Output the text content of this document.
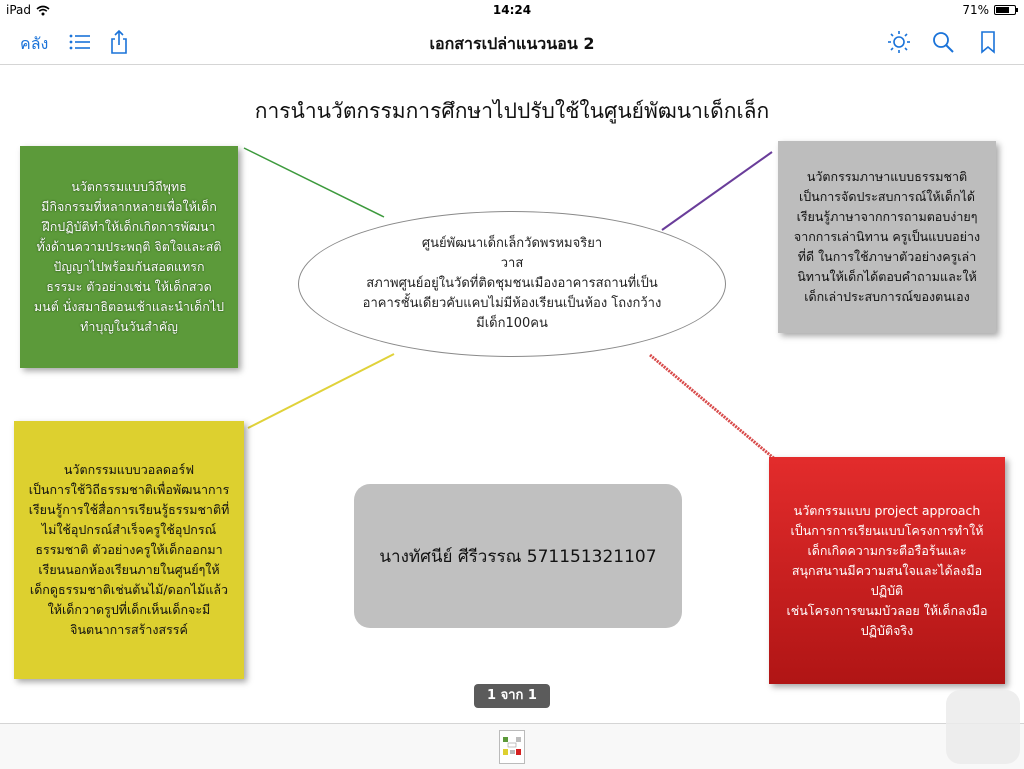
iPad	14:24	71%
คลัง	เอกสารเปล่าแนวนอน 2
การนำนวัตกรรมการศึกษาไปปรับใช้ในศูนย์พัฒนาเด็กเล็ก
นวัตกรรมแบบวิถีพุทธ
มีกิจกรรมที่หลากหลายเพื่อให้เด็ก
ฝึกปฏิบัติทำให้เด็กเกิดการพัฒนา
ทั้งด้านความประพฤติ จิตใจและสติ
ปัญญาไปพร้อมกันสอดแทรก
ธรรมะ ตัวอย่างเช่น ให้เด็กสวด
มนต์ นั่งสมาธิตอนเช้าและนำเด็กไป
ทำบุญในวันสำคัญ
นวัตกรรมภาษาแบบธรรมชาติ
เป็นการจัดประสบการณ์ให้เด็กได้
เรียนรู้ภาษาจากการถามตอบง่ายๆ
จากการเล่านิทาน ครูเป็นแบบอย่าง
ที่ดี ในการใช้ภาษาตัวอย่างครูเล่า
นิทานให้เด็กได้ตอบคำถามและให้
เด็กเล่าประสบการณ์ของตนเอง
ศูนย์พัฒนาเด็กเล็กวัดพรหมจริยา
วาส
สภาพศูนย์อยู่ในวัดที่ติดชุมชนเมืองอาคารสถานที่เป็น
อาคารชั้นเดียวคับแคบไม่มีห้องเรียนเป็นห้อง โถงกว้าง
มีเด็ก100คน
นวัตกรรมแบบวอลดอร์ฟ
เป็นการใช้วิถีธรรมชาติเพื่อพัฒนาการ
เรียนรู้การใช้สื่อการเรียนรู้ธรรมชาติที่
ไม่ใช้อุปกรณ์สำเร็จครูใช้อุปกรณ์
ธรรมชาติ ตัวอย่างครูให้เด็กออกมา
เรียนนอกห้องเรียนภายในศูนย์ๆให้
เด็กดูธรรมชาติเช่นต้นไม้/ดอกไม้แล้ว
ให้เด็กวาดรูปที่เด็กเห็นเด็กจะมี
จินตนาการสร้างสรรค์
นางทัศนีย์ ศีรีวรรณ 571151321107
นวัตกรรมแบบ project approach
เป็นการการเรียนแบบโครงการทำให้
เด็กเกิดความกระตือรือร้นและ
สนุกสนานมีความสนใจและได้ลงมือ
ปฏิบัติ
เช่นโครงการขนมบัวลอย ให้เด็กลงมือ
ปฏิบัติจริง
1 จาก 1
